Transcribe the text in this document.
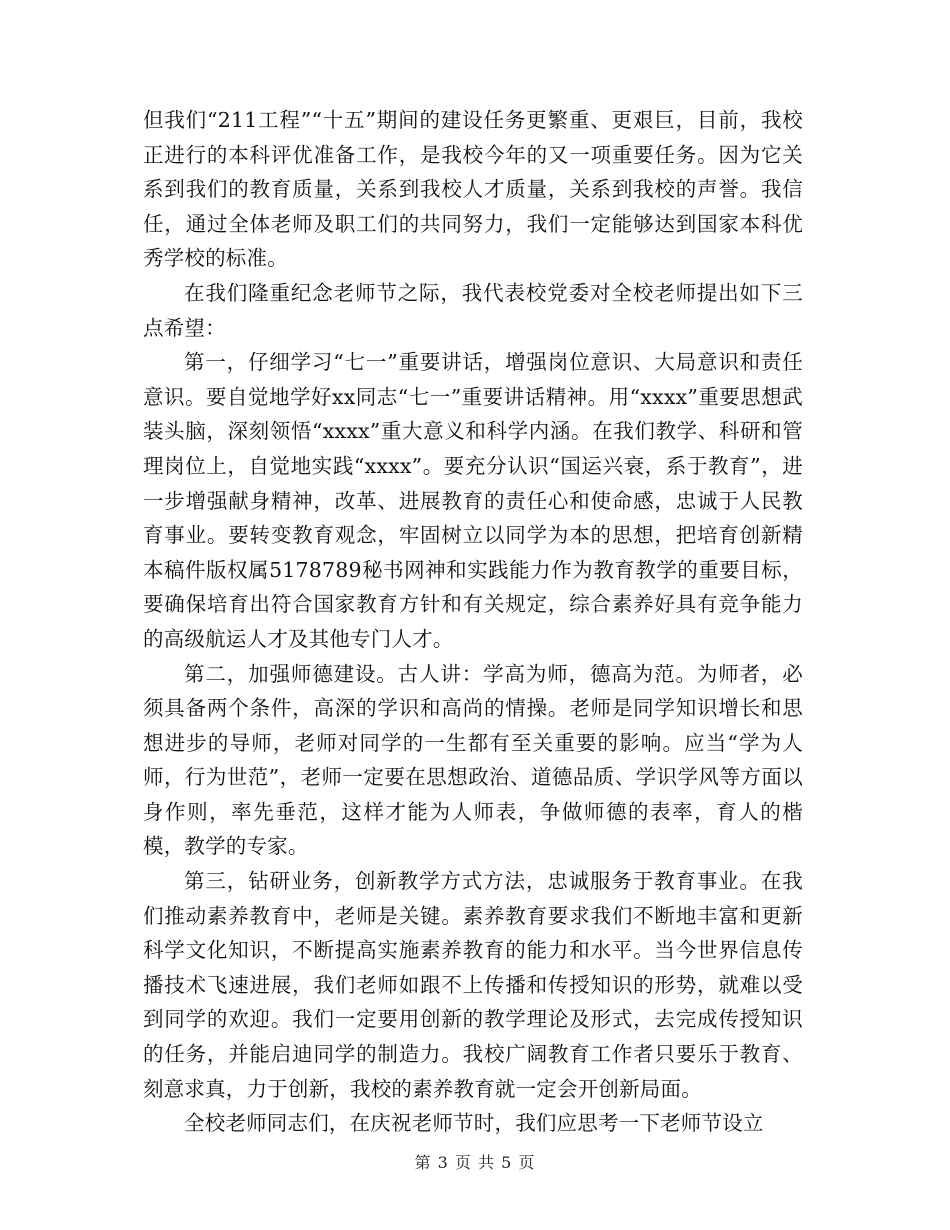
但我们“211工程”“十五”期间的建设任务更繁重、更艰巨，目前，我校正进行的本科评优准备工作，是我校今年的又一项重要任务。因为它关系到我们的教育质量，关系到我校人才质量，关系到我校的声誉。我信任，通过全体老师及职工们的共同努力，我们一定能够达到国家本科优秀学校的标准。

在我们隆重纪念老师节之际，我代表校党委对全校老师提出如下三点希望：

第一，仔细学习“七一”重要讲话，增强岗位意识、大局意识和责任意识。要自觉地学好xx同志“七一”重要讲话精神。用“xxxx”重要思想武装头脑，深刻领悟“xxxx”重大意义和科学内涵。在我们教学、科研和管理岗位上，自觉地实践“xxxx”。要充分认识“国运兴衰，系于教育”，进一步增强献身精神，改革、进展教育的责任心和使命感，忠诚于人民教育事业。要转变教育观念，牢固树立以同学为本的思想，把培育创新精本稿件版权属5178789秘书网神和实践能力作为教育教学的重要目标，要确保培育出符合国家教育方针和有关规定，综合素养好具有竞争能力的高级航运人才及其他专门人才。

第二，加强师德建设。古人讲：学高为师，德高为范。为师者，必须具备两个条件，高深的学识和高尚的情操。老师是同学知识增长和思想进步的导师，老师对同学的一生都有至关重要的影响。应当“学为人师，行为世范”，老师一定要在思想政治、道德品质、学识学风等方面以身作则，率先垂范，这样才能为人师表，争做师德的表率，育人的楷模，教学的专家。

第三，钻研业务，创新教学方式方法，忠诚服务于教育事业。在我们推动素养教育中，老师是关键。素养教育要求我们不断地丰富和更新科学文化知识，不断提高实施素养教育的能力和水平。当今世界信息传播技术飞速进展，我们老师如跟不上传播和传授知识的形势，就难以受到同学的欢迎。我们一定要用创新的教学理论及形式，去完成传授知识的任务，并能启迪同学的制造力。我校广阔教育工作者只要乐于教育、刻意求真，力于创新，我校的素养教育就一定会开创新局面。

全校老师同志们，在庆祝老师节时，我们应思考一下老师节设立

第 3 页 共 5 页
